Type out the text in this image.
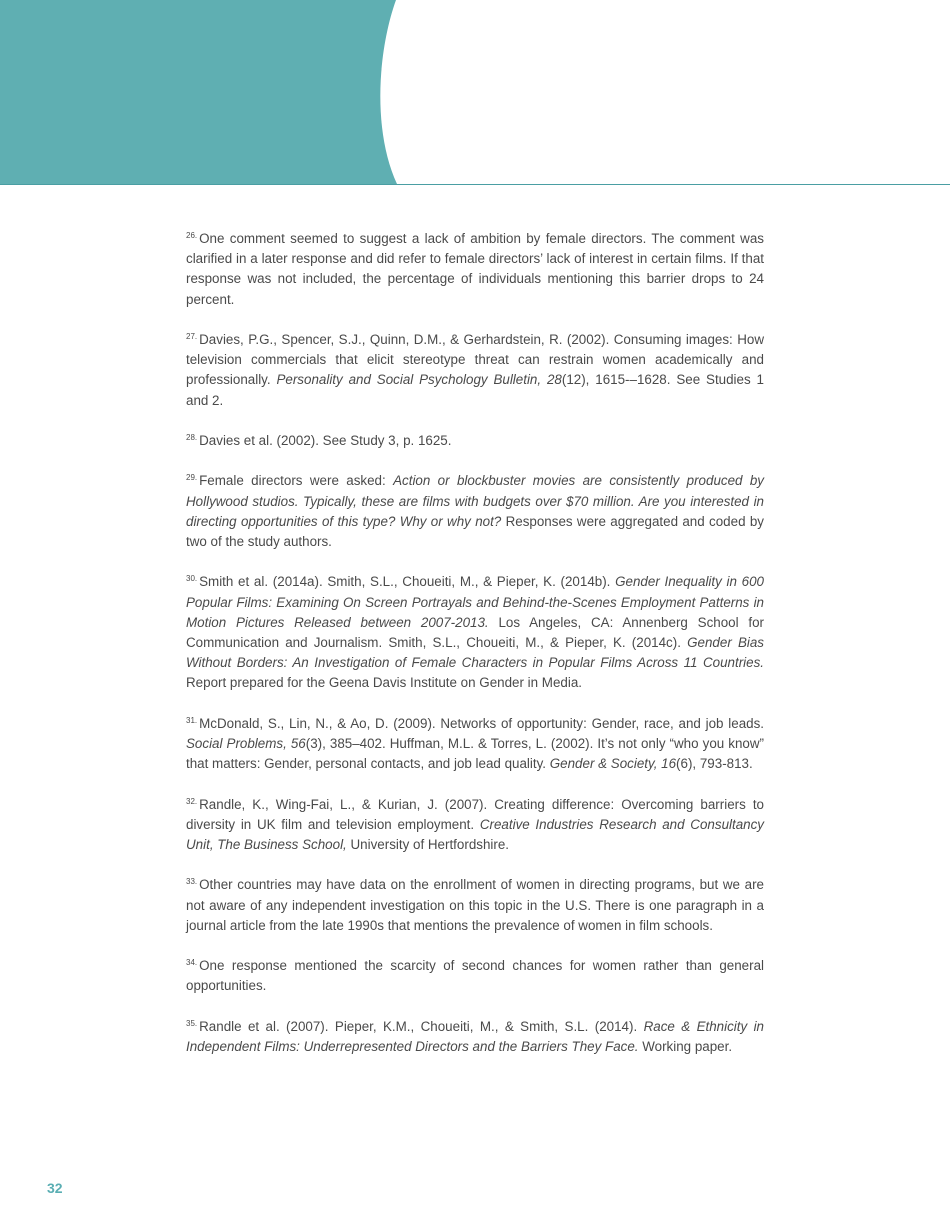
$^{26.}$ One comment seemed to suggest a lack of ambition by female directors. The comment was clarified in a later response and did refer to female directors’ lack of interest in certain films. If that response was not included, the percentage of individuals mentioning this barrier drops to 24 percent.

$^{27.}$ Davies, P.G., Spencer, S.J., Quinn, D.M., & Gerhardstein, R. (2002). Consuming images: How television commercials that elicit stereotype threat can restrain women academically and professionally. Personality and Social Psychology Bulletin, 28(12), 1615-–1628. See Studies 1 and 2.

$^{28.}$ Davies et al. (2002). See Study 3, p. 1625.

$^{29.}$ Female directors were asked: Action or blockbuster movies are consistently produced by Hollywood studios. Typically, these are films with budgets over $70 million. Are you interested in directing opportunities of this type? Why or why not? Responses were aggregated and coded by two of the study authors.

$^{30.}$ Smith et al. (2014a). Smith, S.L., Choueiti, M., & Pieper, K. (2014b). Gender Inequality in 600 Popular Films: Examining On Screen Portrayals and Behind-the-Scenes Employment Patterns in Motion Pictures Released between 2007-2013. Los Angeles, CA: Annenberg School for Communication and Journalism. Smith, S.L., Choueiti, M., & Pieper, K. (2014c). Gender Bias Without Borders: An Investigation of Female Characters in Popular Films Across 11 Countries. Report prepared for the Geena Davis Institute on Gender in Media.

$^{31.}$ McDonald, S., Lin, N., & Ao, D. (2009). Networks of opportunity: Gender, race, and job leads. Social Problems, 56(3), 385–402. Huffman, M.L. & Torres, L. (2002). It’s not only “who you know” that matters: Gender, personal contacts, and job lead quality. Gender & Society, 16(6), 793-813.

$^{32.}$ Randle, K., Wing-Fai, L., & Kurian, J. (2007). Creating difference: Overcoming barriers to diversity in UK film and television employment. Creative Industries Research and Consultancy Unit, The Business School, University of Hertfordshire.

$^{33.}$ Other countries may have data on the enrollment of women in directing programs, but we are not aware of any independent investigation on this topic in the U.S. There is one paragraph in a journal article from the late 1990s that mentions the prevalence of women in film schools.

$^{34.}$ One response mentioned the scarcity of second chances for women rather than general opportunities.

$^{35.}$ Randle et al. (2007). Pieper, K.M., Choueiti, M., & Smith, S.L. (2014). Race & Ethnicity in Independent Films: Underrepresented Directors and the Barriers They Face. Working paper.

32
